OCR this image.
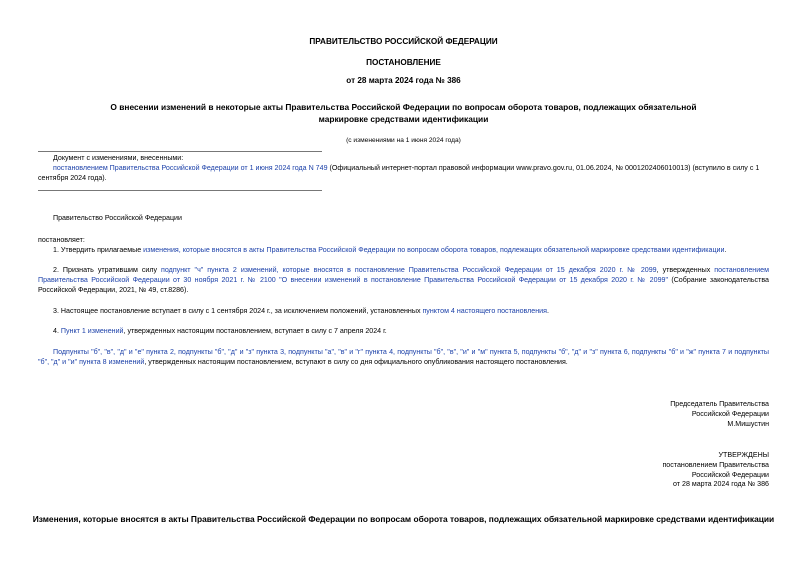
ПРАВИТЕЛЬСТВО РОССИЙСКОЙ ФЕДЕРАЦИИ
ПОСТАНОВЛЕНИЕ
от 28 марта 2024 года № 386
О внесении изменений в некоторые акты Правительства Российской Федерации по вопросам оборота товаров, подлежащих обязательной маркировке средствами идентификации
(с изменениями на 1 июня 2024 года)
Документ с изменениями, внесенными:
постановлением Правительства Российской Федерации от 1 июня 2024 года N 749 (Официальный интернет-портал правовой информации www.pravo.gov.ru, 01.06.2024, № 0001202406010013) (вступило в силу с 1 сентября 2024 года).
Правительство Российской Федерации
постановляет:
1. Утвердить прилагаемые изменения, которые вносятся в акты Правительства Российской Федерации по вопросам оборота товаров, подлежащих обязательной маркировке средствами идентификации.
2. Признать утратившим силу подпункт "ч" пункта 2 изменений, которые вносятся в постановление Правительства Российской Федерации от 15 декабря 2020 г. № 2099, утвержденных постановлением Правительства Российской Федерации от 30 ноября 2021 г. № 2100 "О внесении изменений в постановление Правительства Российской Федерации от 15 декабря 2020 г. № 2099" (Собрание законодательства Российской Федерации, 2021, № 49, ст.8286).
3. Настоящее постановление вступает в силу с 1 сентября 2024 г., за исключением положений, установленных пунктом 4 настоящего постановления.
4. Пункт 1 изменений, утвержденных настоящим постановлением, вступает в силу с 7 апреля 2024 г.
Подпункты "б", "в", "д" и "е" пункта 2, подпункты "б", "д" и "з" пункта 3, подпункты "а", "в" и "г" пункта 4, подпункты "б", "в", "и" и "м" пункта 5, подпункты "б", "д" и "з" пункта 6, подпункты "б" и "ж" пункта 7 и подпункты "б", "д" и "и" пункта 8 изменений, утвержденных настоящим постановлением, вступают в силу со дня официального опубликования настоящего постановления.
Председатель Правительства
Российской Федерации
М.Мишустин
УТВЕРЖДЕНЫ
постановлением Правительства
Российской Федерации
от 28 марта 2024 года № 386
Изменения, которые вносятся в акты Правительства Российской Федерации по вопросам оборота товаров, подлежащих обязательной маркировке средствами идентификации
